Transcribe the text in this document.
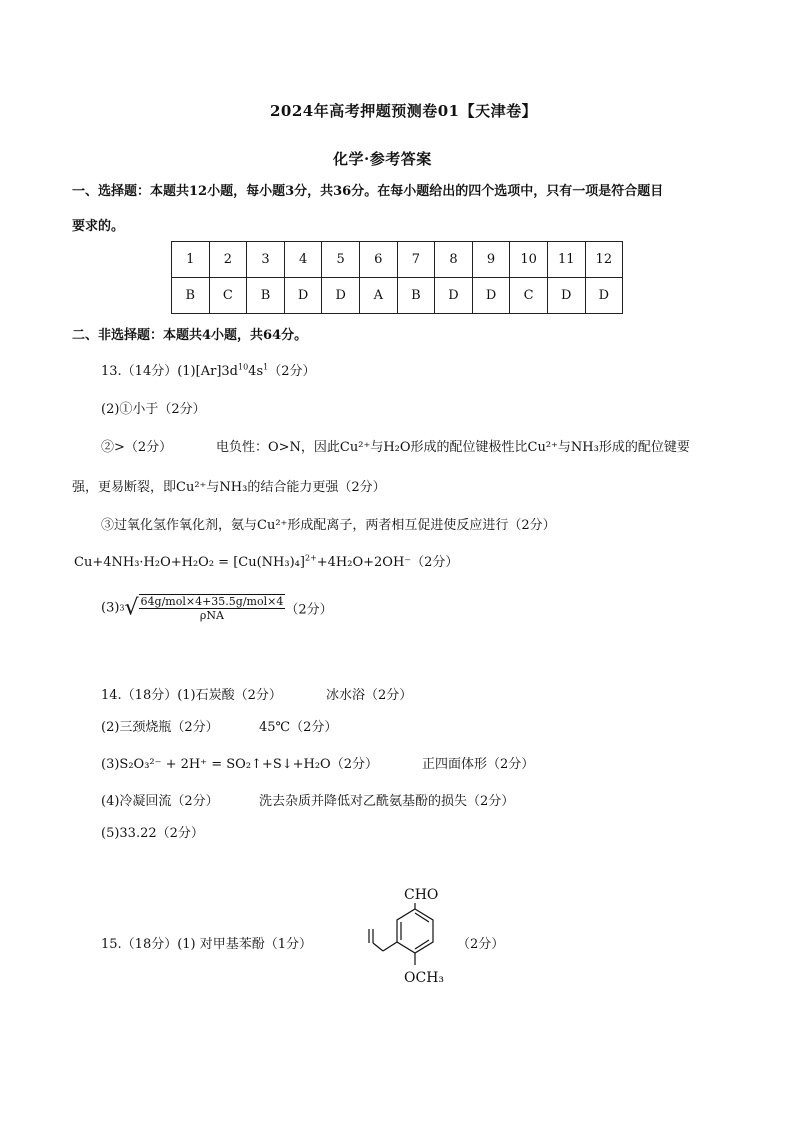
2024年高考押题预测卷01【天津卷】
化学·参考答案
一、选择题：本题共12小题，每小题3分，共36分。在每小题给出的四个选项中，只有一项是符合题目
要求的。
1	2	3	4	5	6	7	8	9	10	11	12
B	C	B	D	D	A	B	D	D	C	D	D
二、非选择题：本题共4小题，共64分。
13.（14分）$(1)[Ar]3d^{10}4s^1(2$分）
(2)①小于（2分）
②>（2分）	电负性：O>N，因此Cu²⁺与H₂O形成的配位键极性比Cu²⁺与NH₃形成的配位键要
强，更易断裂，即Cu²⁺与NH₃的结合能力更强（2分）
③过氧化氢作氧化剂，氨与Cu²⁺形成配离子，两者相互促进使反应进行（2分）
$Cu+4NH_3\cdot H_2O+H_2O_2 = [Cu(NH_3)_4]^{2+}+4H_2O+2OH^-(2$分）
$(3)3√ \frac{\text{64g/mol×4+35.5g/mol×4}}{\text{ρNA}} (2$分）
14.（18分）(1)石炭酸（2分）	冰水浴（2分）
(2)三颈烧瓶（2分）	45℃（2分）
(3)S₂O₃²⁻ + 2H⁺ = SO₂↑+S↓+H₂O（2分）	正四面体形（2分）
(4)冷凝回流（2分）	洗去杂质并降低对乙酰氨基酚的损失（2分）
(5)33.22（2分）
15.（18分）(1) 对甲基苯酚（1分）
CHO
OCH₃
（2分）
